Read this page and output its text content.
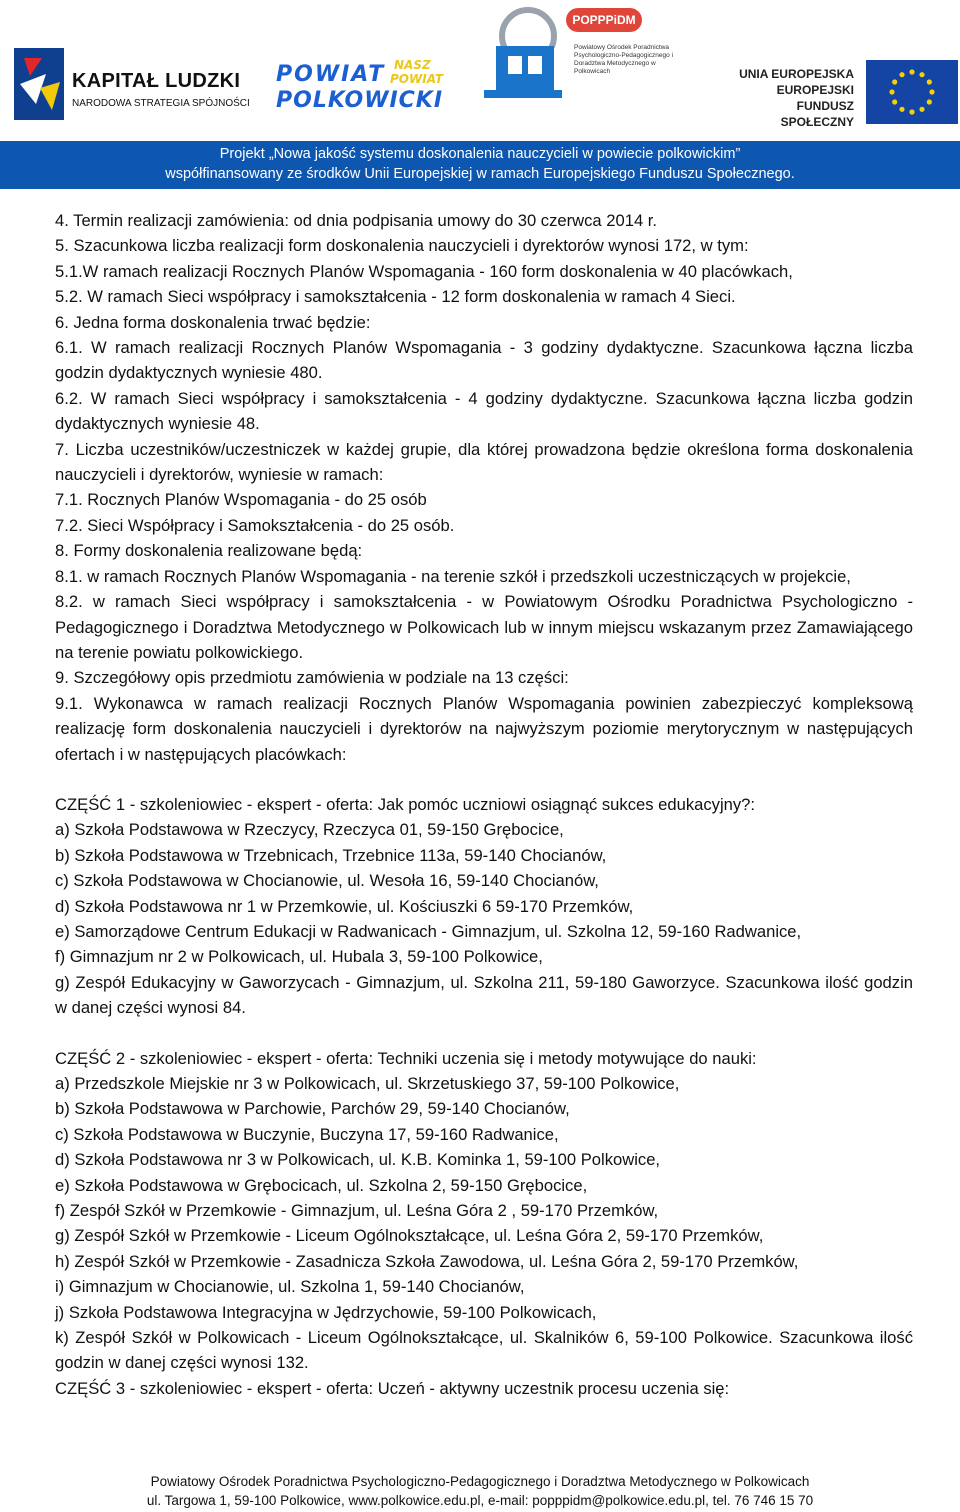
KAPITAŁ LUDZKI
NARODOWA STRATEGIA SPÓJNOŚCI
POWIAT
POLKOWICKI
NASZ
POWIAT
POPPPiDM
Powiatowy Ośrodek Poradnictwa Psychologiczno-Pedagogicznego i Doradztwa Metodycznego w Polkowicach	UNIA EUROPEJSKA
EUROPEJSKI
FUNDUSZ SPOŁECZNY
Projekt „Nowa jakość systemu doskonalenia nauczycieli w powiecie polkowickim”
współfinansowany ze środków Unii Europejskiej w ramach Europejskiego Funduszu Społecznego.

4. Termin realizacji zamówienia: od dnia podpisania umowy do 30 czerwca 2014 r.

5. Szacunkowa liczba realizacji form doskonalenia nauczycieli i dyrektorów wynosi 172, w tym:

5.1.W ramach realizacji Rocznych Planów Wspomagania - 160 form doskonalenia w 40 placówkach,

5.2. W ramach Sieci współpracy i samokształcenia - 12 form doskonalenia w ramach 4 Sieci.

6. Jedna forma doskonalenia trwać będzie:

6.1. W ramach realizacji Rocznych Planów Wspomagania - 3 godziny dydaktyczne. Szacunkowa łączna liczba godzin dydaktycznych wyniesie 480.

6.2. W ramach Sieci współpracy i samokształcenia - 4 godziny dydaktyczne. Szacunkowa łączna liczba godzin dydaktycznych wyniesie 48.

7. Liczba uczestników/uczestniczek w każdej grupie, dla której prowadzona będzie określona forma doskonalenia nauczycieli i dyrektorów, wyniesie w ramach:

7.1. Rocznych Planów Wspomagania - do 25 osób

7.2. Sieci Współpracy i Samokształcenia - do 25 osób.

8. Formy doskonalenia realizowane będą:

8.1. w ramach Rocznych Planów Wspomagania - na terenie szkół i przedszkoli uczestniczących w projekcie,

8.2. w ramach Sieci współpracy i samokształcenia - w Powiatowym Ośrodku Poradnictwa Psychologiczno - Pedagogicznego i Doradztwa Metodycznego w Polkowicach lub w innym miejscu wskazanym przez Zamawiającego na terenie powiatu polkowickiego.

9. Szczegółowy opis przedmiotu zamówienia w podziale na 13 części:

9.1. Wykonawca w ramach realizacji Rocznych Planów Wspomagania powinien zabezpieczyć kompleksową realizację form doskonalenia nauczycieli i dyrektorów na najwyższym poziomie merytorycznym w następujących ofertach i w następujących placówkach:

CZĘŚĆ 1 - szkoleniowiec - ekspert - oferta: Jak pomóc uczniowi osiągnąć sukces edukacyjny?:

a) Szkoła Podstawowa w Rzeczycy, Rzeczyca 01, 59-150 Grębocice,

b) Szkoła Podstawowa w Trzebnicach, Trzebnice 113a, 59-140 Chocianów,

c) Szkoła Podstawowa w Chocianowie, ul. Wesoła 16, 59-140 Chocianów,

d) Szkoła Podstawowa nr 1 w Przemkowie, ul. Kościuszki 6 59-170 Przemków,

e) Samorządowe Centrum Edukacji w Radwanicach - Gimnazjum, ul. Szkolna 12, 59-160 Radwanice,

f) Gimnazjum nr 2 w Polkowicach, ul. Hubala 3, 59-100 Polkowice,

g) Zespół Edukacyjny w Gaworzycach - Gimnazjum, ul. Szkolna 211, 59-180 Gaworzyce. Szacunkowa ilość godzin w danej części wynosi 84.

CZĘŚĆ 2 - szkoleniowiec - ekspert - oferta: Techniki uczenia się i metody motywujące do nauki:

a) Przedszkole Miejskie nr 3 w Polkowicach, ul. Skrzetuskiego 37, 59-100 Polkowice,

b) Szkoła Podstawowa w Parchowie, Parchów 29, 59-140 Chocianów,

c) Szkoła Podstawowa w Buczynie, Buczyna 17, 59-160 Radwanice,

d) Szkoła Podstawowa nr 3 w Polkowicach, ul. K.B. Kominka 1, 59-100 Polkowice,

e) Szkoła Podstawowa w Grębocicach, ul. Szkolna 2, 59-150 Grębocice,

f) Zespół Szkół w Przemkowie - Gimnazjum, ul. Leśna Góra 2 , 59-170 Przemków,

g) Zespół Szkół w Przemkowie - Liceum Ogólnokształcące, ul. Leśna Góra 2, 59-170 Przemków,

h) Zespół Szkół w Przemkowie - Zasadnicza Szkoła Zawodowa, ul. Leśna Góra 2, 59-170 Przemków,

i) Gimnazjum w Chocianowie, ul. Szkolna 1, 59-140 Chocianów,

j) Szkoła Podstawowa Integracyjna w Jędrzychowie, 59-100 Polkowicach,

k) Zespół Szkół w Polkowicach - Liceum Ogólnokształcące, ul. Skalników 6, 59-100 Polkowice. Szacunkowa ilość godzin w danej części wynosi 132.

CZĘŚĆ 3 - szkoleniowiec - ekspert - oferta: Uczeń - aktywny uczestnik procesu uczenia się:

Powiatowy Ośrodek Poradnictwa Psychologiczno-Pedagogicznego i Doradztwa Metodycznego w Polkowicach
ul. Targowa 1, 59-100 Polkowice, www.polkowice.edu.pl, e-mail: popppidm@polkowice.edu.pl, tel. 76 746 15 70
